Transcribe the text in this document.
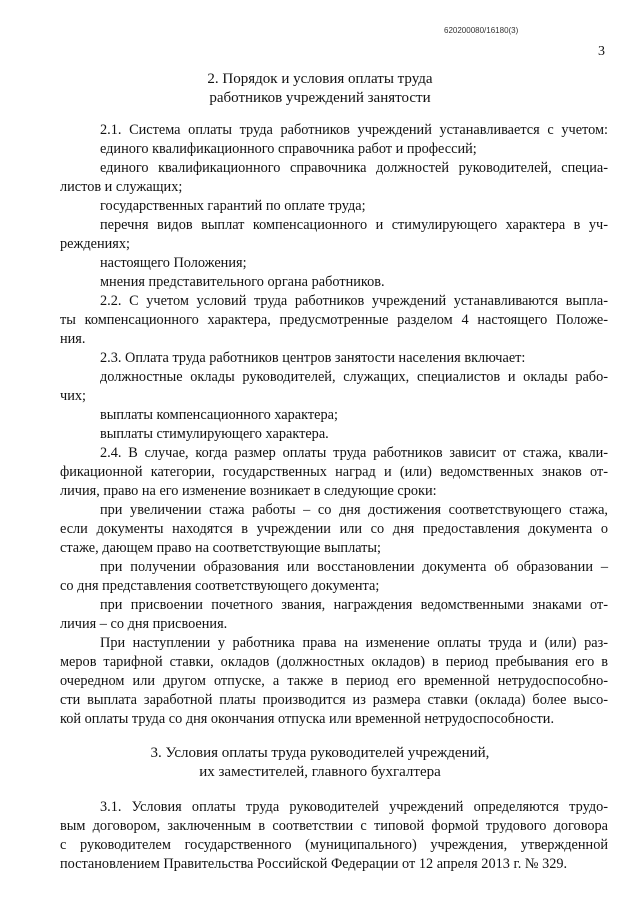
620200080/16180(3)
3
2. Порядок и условия оплаты труда
работников учреждений занятости
2.1. Система оплаты труда работников учреждений устанавливается с учетом:
единого квалификационного справочника работ и профессий;
единого квалификационного справочника должностей руководителей, специа-
листов и служащих;
государственных гарантий по оплате труда;
перечня видов выплат компенсационного и стимулирующего характера в уч-
реждениях;
настоящего Положения;
мнения представительного органа работников.
2.2. С учетом условий труда работников учреждений устанавливаются выпла-
ты компенсационного характера, предусмотренные разделом 4 настоящего Положе-
ния.
2.3. Оплата труда работников центров занятости населения включает:
должностные оклады руководителей, служащих, специалистов и оклады рабо-
чих;
выплаты компенсационного характера;
выплаты стимулирующего характера.
2.4. В случае, когда размер оплаты труда работников зависит от стажа, квали-
фикационной категории, государственных наград и (или) ведомственных знаков от-
личия, право на его изменение возникает в следующие сроки:
при увеличении стажа работы – со дня достижения соответствующего стажа,
если документы находятся в учреждении или со дня предоставления документа о
стаже, дающем право на соответствующие выплаты;
при получении образования или восстановлении документа об образовании –
со дня представления соответствующего документа;
при присвоении почетного звания, награждения ведомственными знаками от-
личия – со дня присвоения.
При наступлении у работника права на изменение оплаты труда и (или) раз-
меров тарифной ставки, окладов (должностных окладов) в период пребывания его в
очередном или другом отпуске, а также в период его временной нетрудоспособно-
сти выплата заработной платы производится из размера ставки (оклада) более высо-
кой оплаты труда со дня окончания отпуска или временной нетрудоспособности.
3. Условия оплаты труда руководителей учреждений,
их заместителей, главного бухгалтера
3.1. Условия оплаты труда руководителей учреждений определяются трудо-
вым договором, заключенным в соответствии с типовой формой трудового договора
с руководителем государственного (муниципального) учреждения, утвержденной
постановлением Правительства Российской Федерации от 12 апреля 2013 г. № 329.
